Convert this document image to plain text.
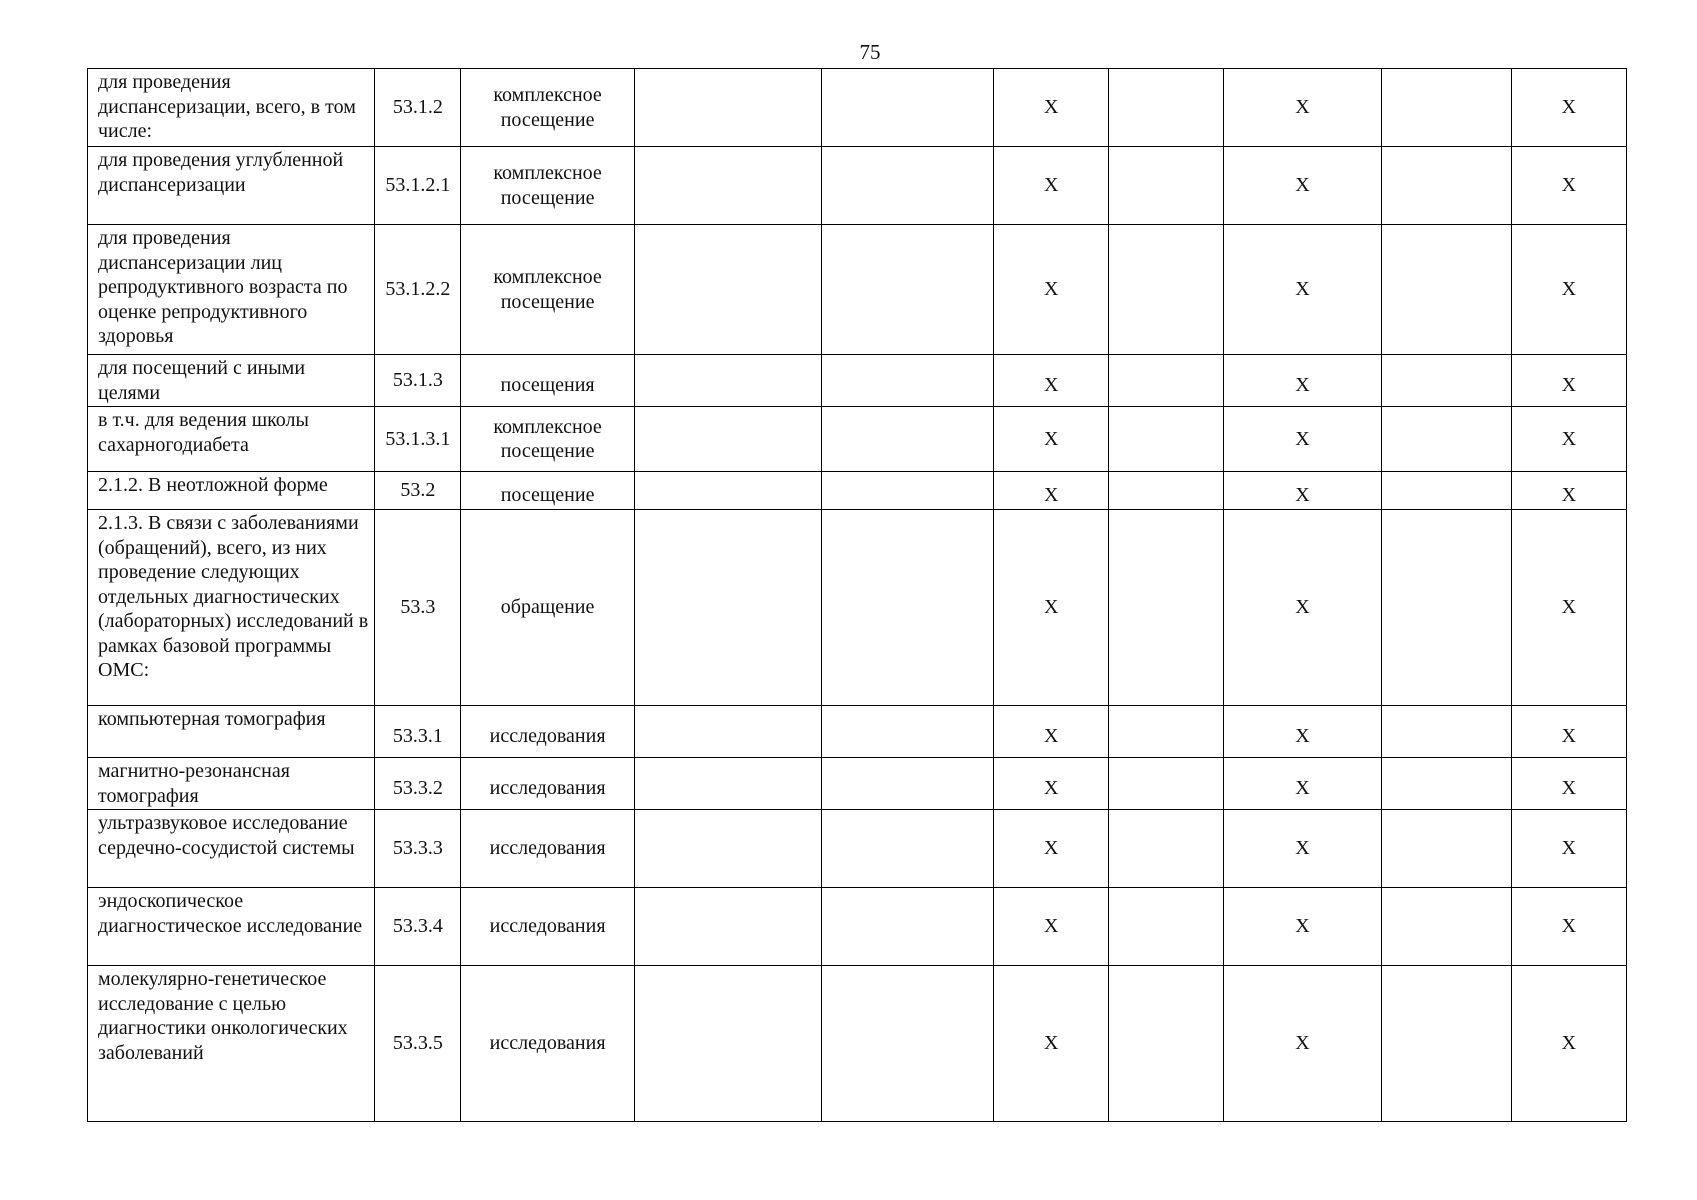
75
для проведения диспансеризации, всего, в том числе:	53.1.2	комплексное посещение			X		X		X
для проведения углубленной диспансеризации	53.1.2.1	комплексное посещение			X		X		X
для проведения диспансеризации лиц репродуктивного возраста по оценке репродуктивного здоровья	53.1.2.2	комплексное посещение			X		X		X
для посещений с иными целями	53.1.3	посещения			X		X		X
в т.ч. для ведения школы сахарногодиабета	53.1.3.1	комплексное посещение			X		X		X
2.1.2. В неотложной форме	53.2	посещение			X		X		X
2.1.3. В связи с заболеваниями (обращений), всего, из них проведение следующих отдельных диагностических (лабораторных) исследований в рамках базовой программы ОМС:	53.3	обращение			X		X		X
компьютерная томография	53.3.1	исследования			X		X		X
магнитно-резонансная томография	53.3.2	исследования			X		X		X
ультразвуковое исследование сердечно-сосудистой системы	53.3.3	исследования			X		X		X
эндоскопическое диагностическое исследование	53.3.4	исследования			X		X		X
молекулярно-генетическое исследование с целью диагностики онкологических заболеваний	53.3.5	исследования			X		X		X
